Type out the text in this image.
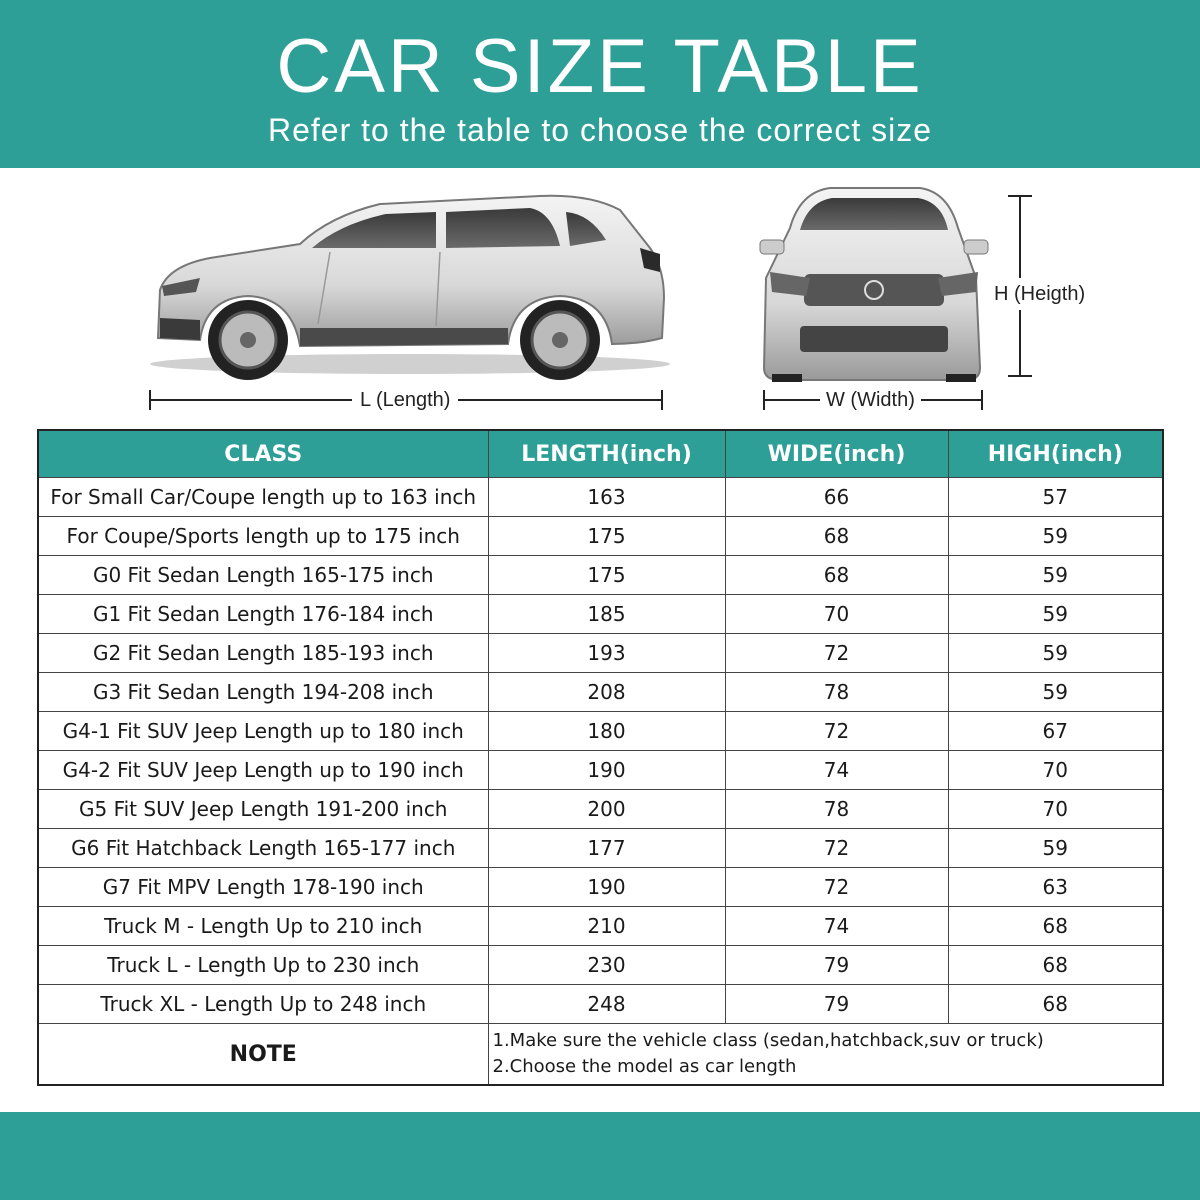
CAR SIZE TABLE
Refer to the table to choose the correct size
L (Length)	W (Width)
H (Heigth)
CLASS	LENGTH(inch)	WIDE(inch)	HIGH(inch)
For Small Car/Coupe length up to 163 inch	163	66	57
For Coupe/Sports length up to 175 inch	175	68	59
G0 Fit Sedan Length 165-175 inch	175	68	59
G1 Fit Sedan Length 176-184 inch	185	70	59
G2 Fit Sedan Length 185-193 inch	193	72	59
G3 Fit Sedan Length 194-208 inch	208	78	59
G4-1 Fit SUV Jeep Length up to 180 inch	180	72	67
G4-2 Fit SUV Jeep Length up to 190 inch	190	74	70
G5 Fit SUV Jeep Length 191-200 inch	200	78	70
G6 Fit Hatchback Length 165-177 inch	177	72	59
G7 Fit MPV Length 178-190 inch	190	72	63
Truck M - Length Up to 210 inch	210	74	68
Truck L - Length Up to 230 inch	230	79	68
Truck XL - Length Up to 248 inch	248	79	68
NOTE	1.Make sure the vehicle class (sedan,hatchback,suv or truck)
2.Choose the model as car length		
